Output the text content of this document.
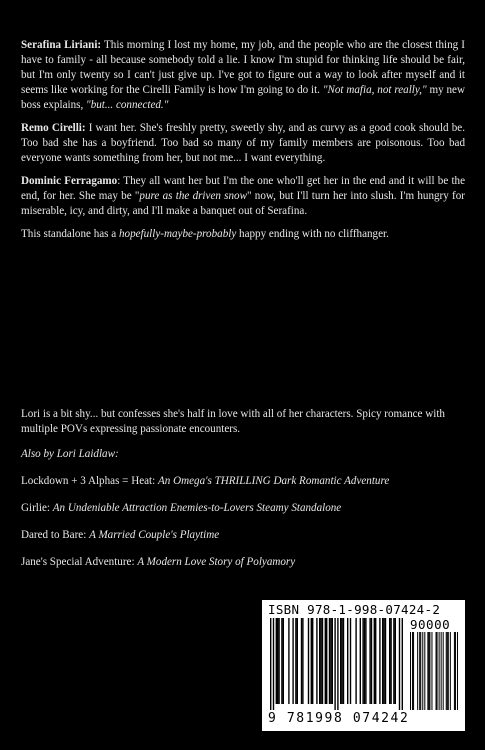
Serafina Liriani: This morning I lost my home, my job, and the people who are the closest thing I have to family - all because somebody told a lie. I know I'm stupid for thinking life should be fair, but I'm only twenty so I can't just give up. I've got to figure out a way to look after myself and it seems like working for the Cirelli Family is how I'm going to do it. "Not mafia, not really," my new boss explains, "but... connected."

Remo Cirelli: I want her. She's freshly pretty, sweetly shy, and as curvy as a good cook should be. Too bad she has a boyfriend. Too bad so many of my family members are poisonous. Too bad everyone wants something from her, but not me... I want everything.

Dominic Ferragamo: They all want her but I'm the one who'll get her in the end and it will be the end, for her. She may be "pure as the driven snow" now, but I'll turn her into slush. I'm hungry for miserable, icy, and dirty, and I'll make a banquet out of Serafina.

This standalone has a hopefully-maybe-probably happy ending with no cliffhanger.

Lori is a bit shy... but confesses she's half in love with all of her characters. Spicy romance with multiple POVs expressing passionate encounters.

Also by Lori Laidlaw:

Lockdown + 3 Alphas = Heat: An Omega's THRILLING Dark Romantic Adventure
Girlie: An Undeniable Attraction Enemies-to-Lovers Steamy Standalone
Dared to Bare: A Married Couple's Playtime
Jane's Special Adventure: A Modern Love Story of Polyamory
ISBN 978-1-998-07424-2
90000
9 781998 074242
